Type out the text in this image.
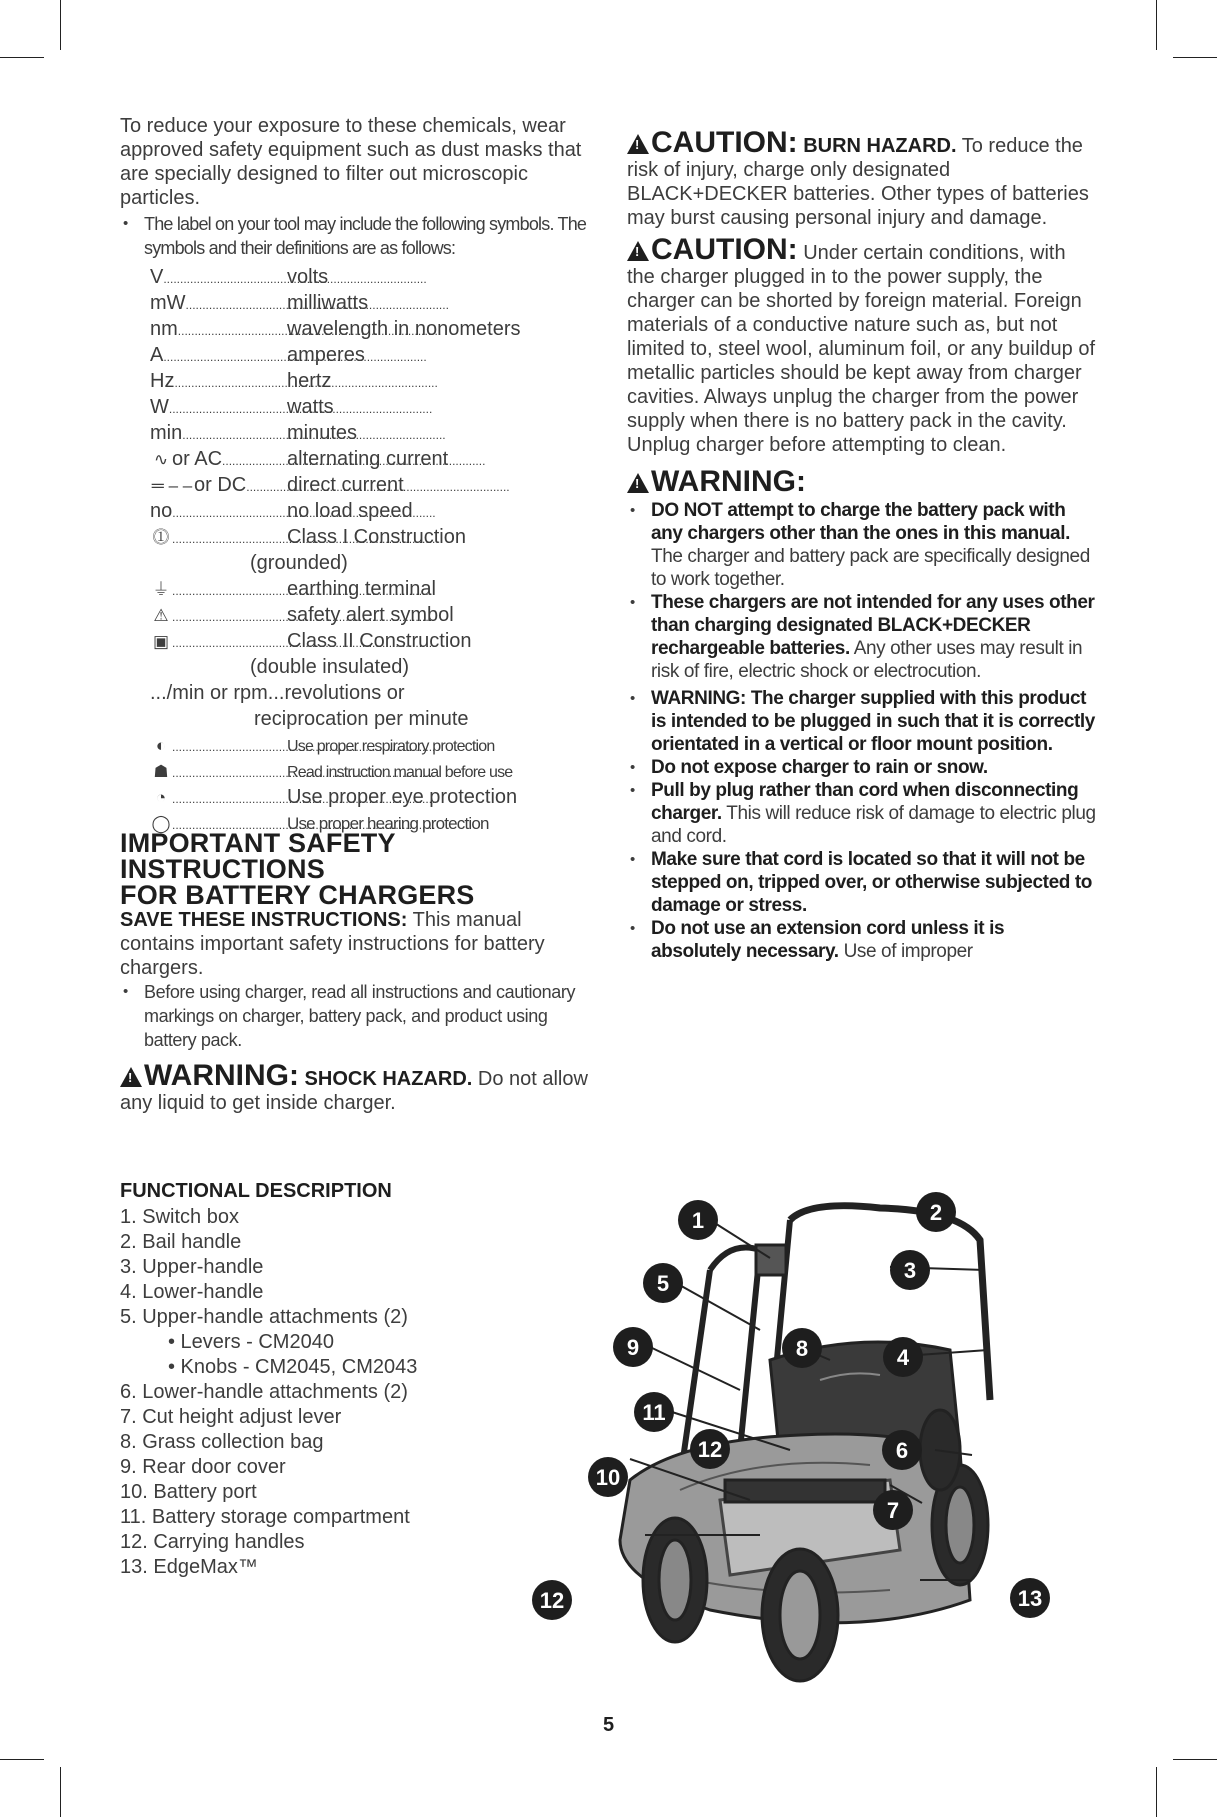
To reduce your exposure to these chemicals, wear approved safety equipment such as dust masks that are specially designed to filter out microscopic particles.

• The label on your tool may include the following symbols. The symbols and their definitions are as follows:

V .....	volts
mW .....	milliwatts
nm .....	wavelength in nonometers
A .....	amperes
Hz .....	hertz
W .....	watts
min .....	minutes
∿ or AC .....	alternating current
═ ‒ ‒or DC .....	direct current
no .....	no load speed
⓵ .....	Class I Construction
(grounded)
⏚ .....	earthing terminal
⚠ .....	safety alert symbol
▣ .....	Class II Construction
(double insulated)
.../min or rpm... revolutions or
reciprocation per minute
◐ .....	Use proper respiratory protection
☗ .....	Read instruction manual before use
◔ .....	Use proper eye protection
◯ .....	Use proper hearing protection
IMPORTANT SAFETY INSTRUCTIONS
FOR BATTERY CHARGERS

SAVE THESE INSTRUCTIONS: This manual contains important safety instructions for battery chargers.

• Before using charger, read all instructions and cautionary markings on charger, battery pack, and product using battery pack.

!WARNING: SHOCK HAZARD. Do not allow any liquid to get inside charger.

!CAUTION: BURN HAZARD. To reduce the risk of injury, charge only designated BLACK+DECKER batteries. Other types of batteries may burst causing personal injury and damage.

!CAUTION: Under certain conditions, with the charger plugged in to the power supply, the charger can be shorted by foreign material. Foreign materials of a conductive nature such as, but not limited to, steel wool, aluminum foil, or any buildup of metallic particles should be kept away from charger cavities. Always unplug the charger from the power supply when there is no battery pack in the cavity. Unplug charger before attempting to clean.

!WARNING:

• DO NOT attempt to charge the battery pack with any chargers other than the ones in this manual. The charger and battery pack are specifically designed to work together.

• These chargers are not intended for any uses other than charging designated BLACK+DECKER rechargeable batteries. Any other uses may result in risk of fire, electric shock or electrocution.

• WARNING: The charger supplied with this product is intended to be plugged in such that it is correctly orientated in a vertical or floor mount position.

• Do not expose charger to rain or snow.

• Pull by plug rather than cord when disconnecting charger. This will reduce risk of damage to electric plug and cord.

• Make sure that cord is located so that it will not be stepped on, tripped over, or otherwise subjected to damage or stress.

• Do not use an extension cord unless it is absolutely necessary. Use of improper

FUNCTIONAL DESCRIPTION
1. Switch box
2. Bail handle
3. Upper-handle
4. Lower-handle
5. Upper-handle attachments (2)
• Levers - CM2040
• Knobs - CM2045, CM2043
6. Lower-handle attachments (2)
7. Cut height adjust lever
8. Grass collection bag
9. Rear door cover
10. Battery port
11. Battery storage compartment
12. Carrying handles
13. EdgeMax™
1	2
3
4
5
6
7
8
9
10
11
12
12	13
5
